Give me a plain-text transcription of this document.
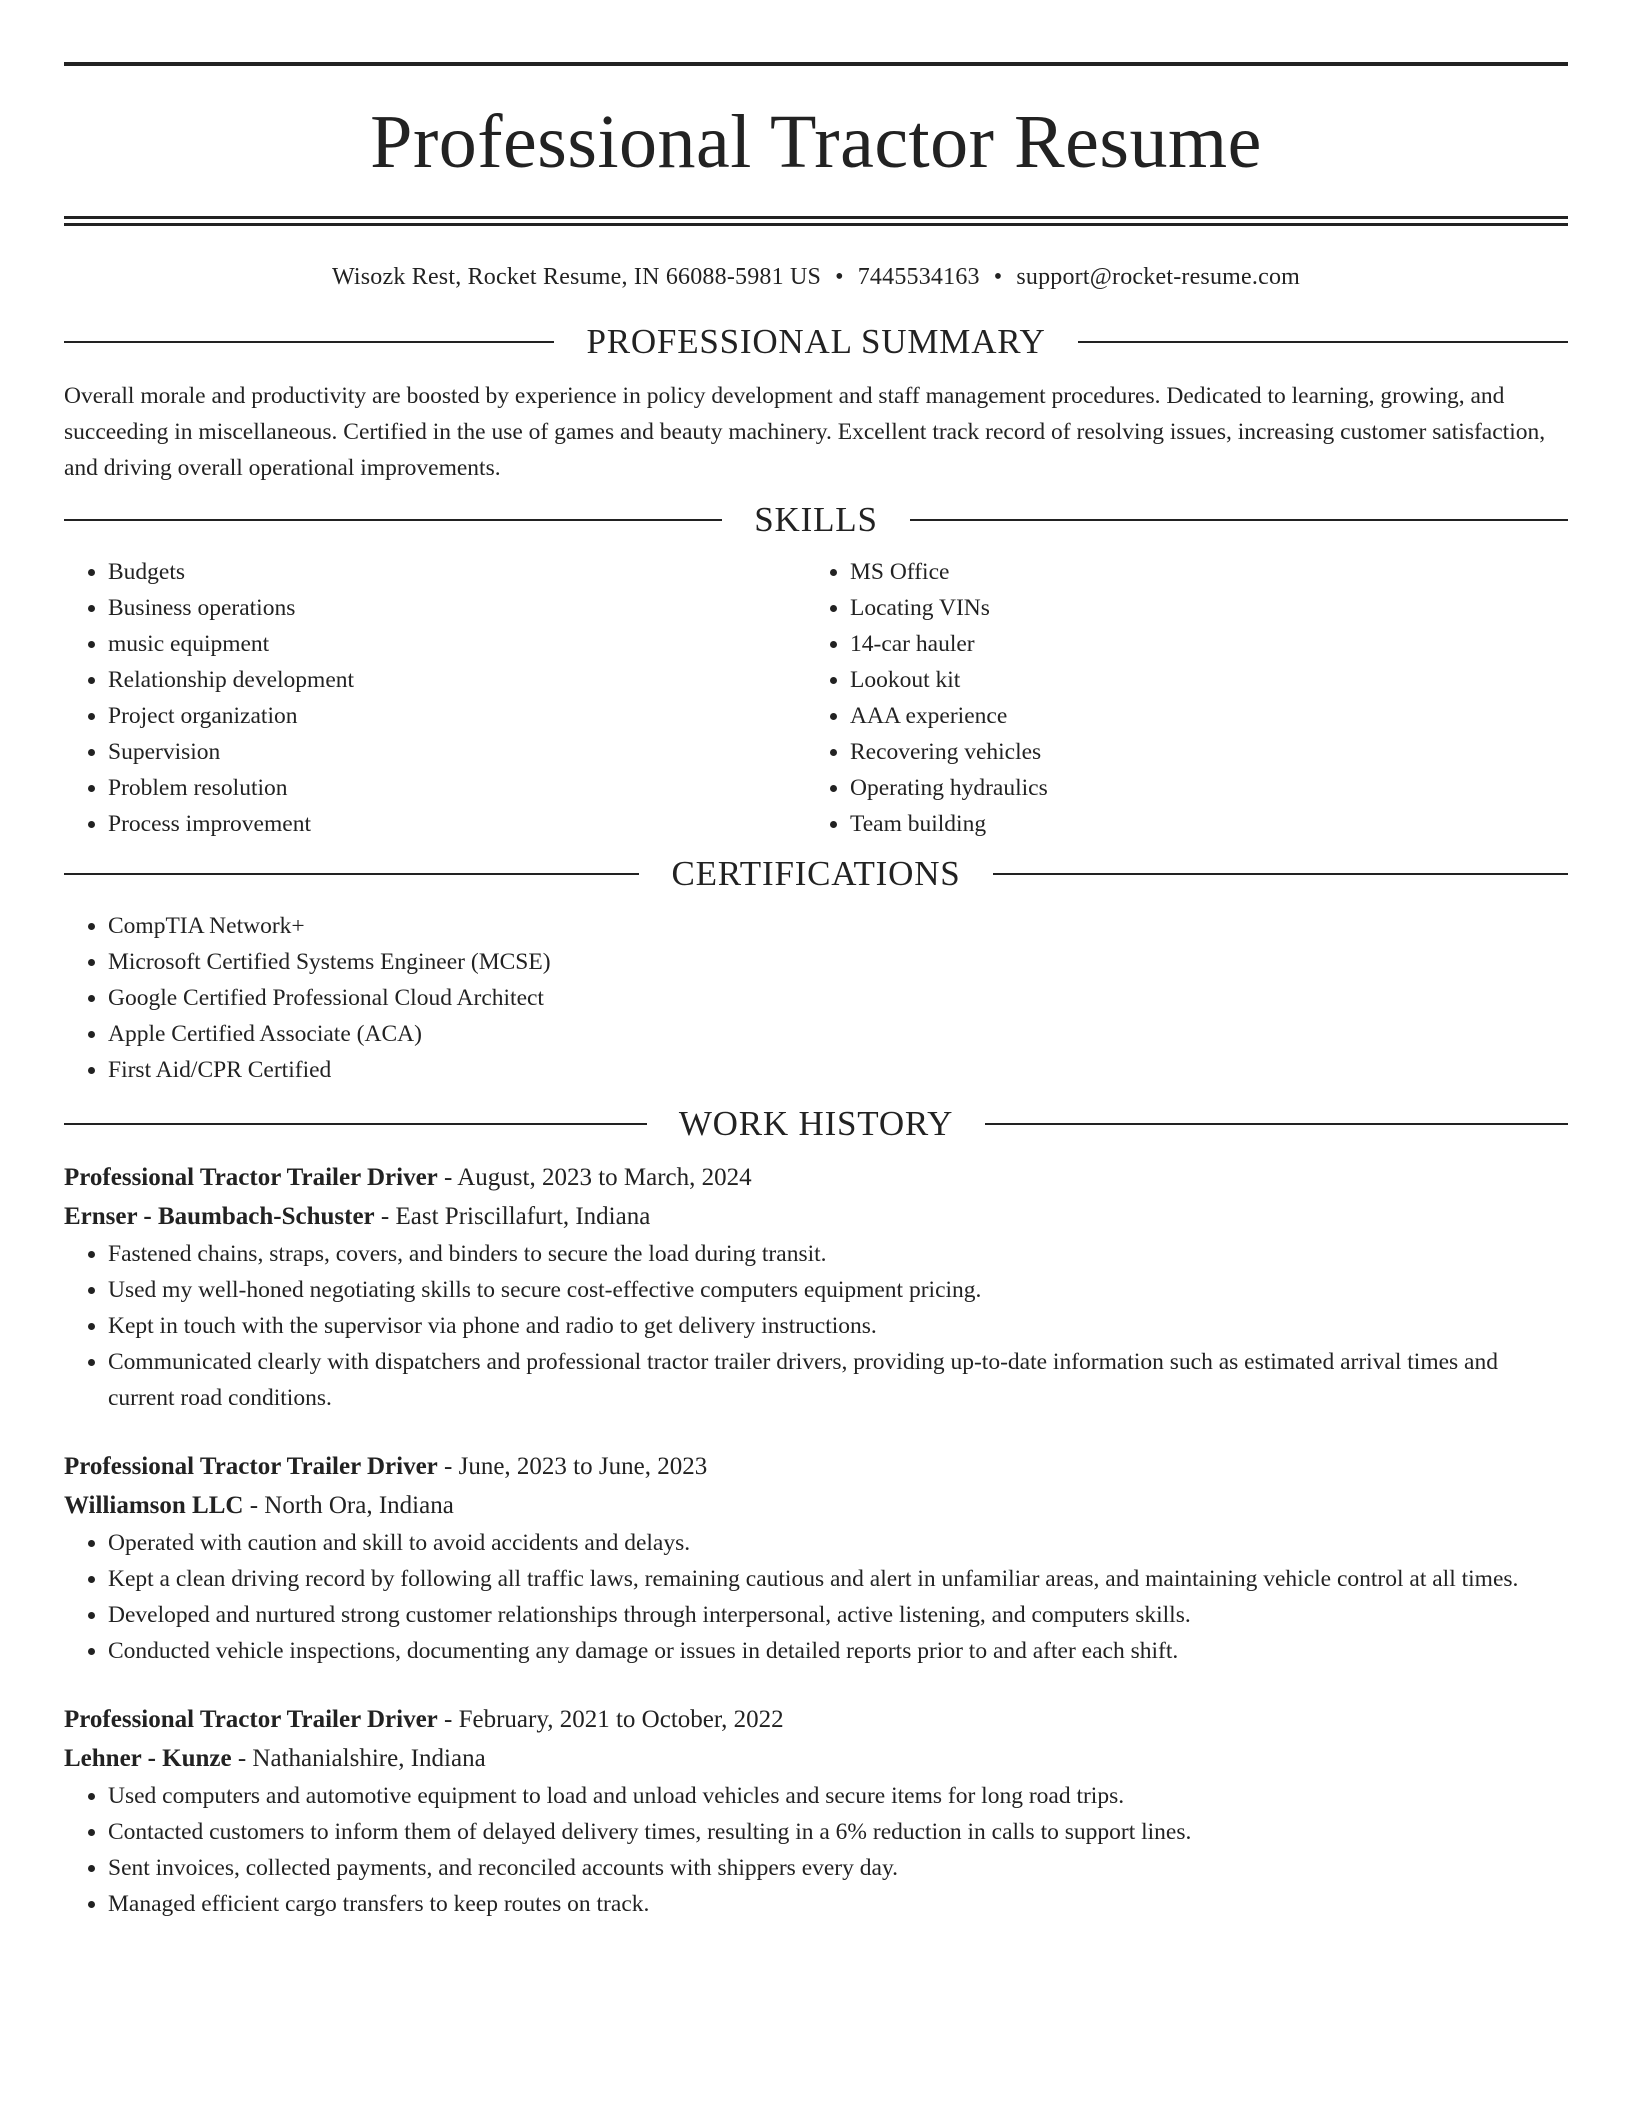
Professional Tractor Resume
Wisozk Rest, Rocket Resume, IN 66088-5981 US • 7445534163 • support@rocket-resume.com
PROFESSIONAL SUMMARY

Overall morale and productivity are boosted by experience in policy development and staff management procedures. Dedicated to learning, growing, and succeeding in miscellaneous. Certified in the use of games and beauty machinery. Excellent track record of resolving issues, increasing customer satisfaction, and driving overall operational improvements.

SKILLS
• Budgets
• Business operations
• music equipment
• Relationship development
• Project organization
• Supervision
• Problem resolution
• Process improvement
• MS Office
• Locating VINs
• 14-car hauler
• Lookout kit
• AAA experience
• Recovering vehicles
• Operating hydraulics
• Team building
CERTIFICATIONS
• CompTIA Network+
• Microsoft Certified Systems Engineer (MCSE)
• Google Certified Professional Cloud Architect
• Apple Certified Associate (ACA)
• First Aid/CPR Certified
WORK HISTORY
Professional Tractor Trailer Driver - August, 2023 to March, 2024
Ernser - Baumbach-Schuster - East Priscillafurt, Indiana
• Fastened chains, straps, covers, and binders to secure the load during transit.
• Used my well-honed negotiating skills to secure cost-effective computers equipment pricing.
• Kept in touch with the supervisor via phone and radio to get delivery instructions.
• Communicated clearly with dispatchers and professional tractor trailer drivers, providing up-to-date information such as estimated arrival times and current road conditions.
Professional Tractor Trailer Driver - June, 2023 to June, 2023
Williamson LLC - North Ora, Indiana
• Operated with caution and skill to avoid accidents and delays.
• Kept a clean driving record by following all traffic laws, remaining cautious and alert in unfamiliar areas, and maintaining vehicle control at all times.
• Developed and nurtured strong customer relationships through interpersonal, active listening, and computers skills.
• Conducted vehicle inspections, documenting any damage or issues in detailed reports prior to and after each shift.
Professional Tractor Trailer Driver - February, 2021 to October, 2022
Lehner - Kunze - Nathanialshire, Indiana
• Used computers and automotive equipment to load and unload vehicles and secure items for long road trips.
• Contacted customers to inform them of delayed delivery times, resulting in a 6% reduction in calls to support lines.
• Sent invoices, collected payments, and reconciled accounts with shippers every day.
• Managed efficient cargo transfers to keep routes on track.
